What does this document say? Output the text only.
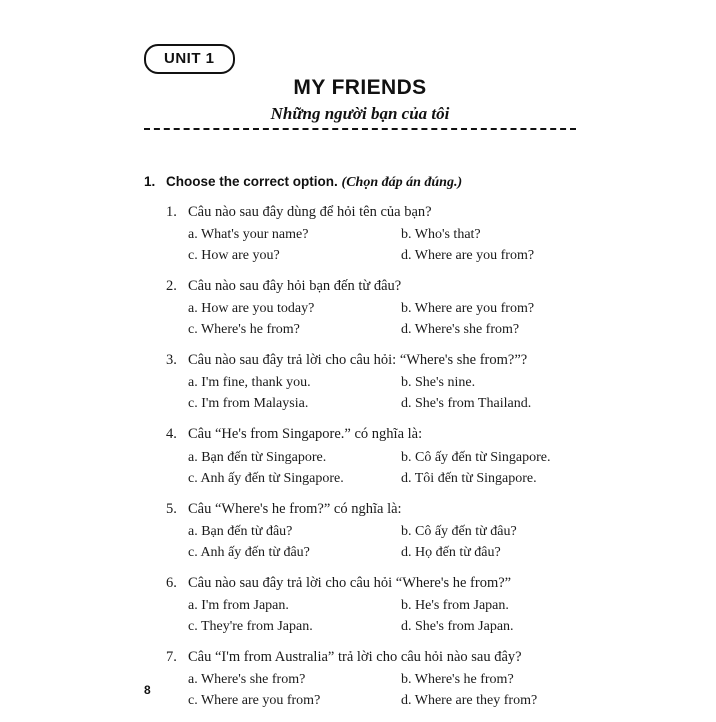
UNIT 1
MY FRIENDS
Những người bạn của tôi
1. Choose the correct option. (Chọn đáp án đúng.)
1. Câu nào sau đây dùng để hỏi tên của bạn?
a. What's your name?	b. Who's that?
c. How are you?	d. Where are you from?
2. Câu nào sau đây hỏi bạn đến từ đâu?
a. How are you today?	b. Where are you from?
c. Where's he from?	d. Where's she from?
3. Câu nào sau đây trả lời cho câu hỏi: “Where's she from?”?
a. I'm fine, thank you.	b. She's nine.
c. I'm from Malaysia.	d. She's from Thailand.
4. Câu “He's from Singapore.” có nghĩa là:
a. Bạn đến từ Singapore.	b. Cô ấy đến từ Singapore.
c. Anh ấy đến từ Singapore.	d. Tôi đến từ Singapore.
5. Câu “Where's he from?” có nghĩa là:
a. Bạn đến từ đâu?	b. Cô ấy đến từ đâu?
c. Anh ấy đến từ đâu?	d. Họ đến từ đâu?
6. Câu nào sau đây trả lời cho câu hỏi “Where's he from?”
a. I'm from Japan.	b. He's from Japan.
c. They're from Japan.	d. She's from Japan.
7. Câu “I'm from Australia” trả lời cho câu hỏi nào sau đây?
a. Where's she from?	b. Where's he from?
c. Where are you from?	d. Where are they from?
8
